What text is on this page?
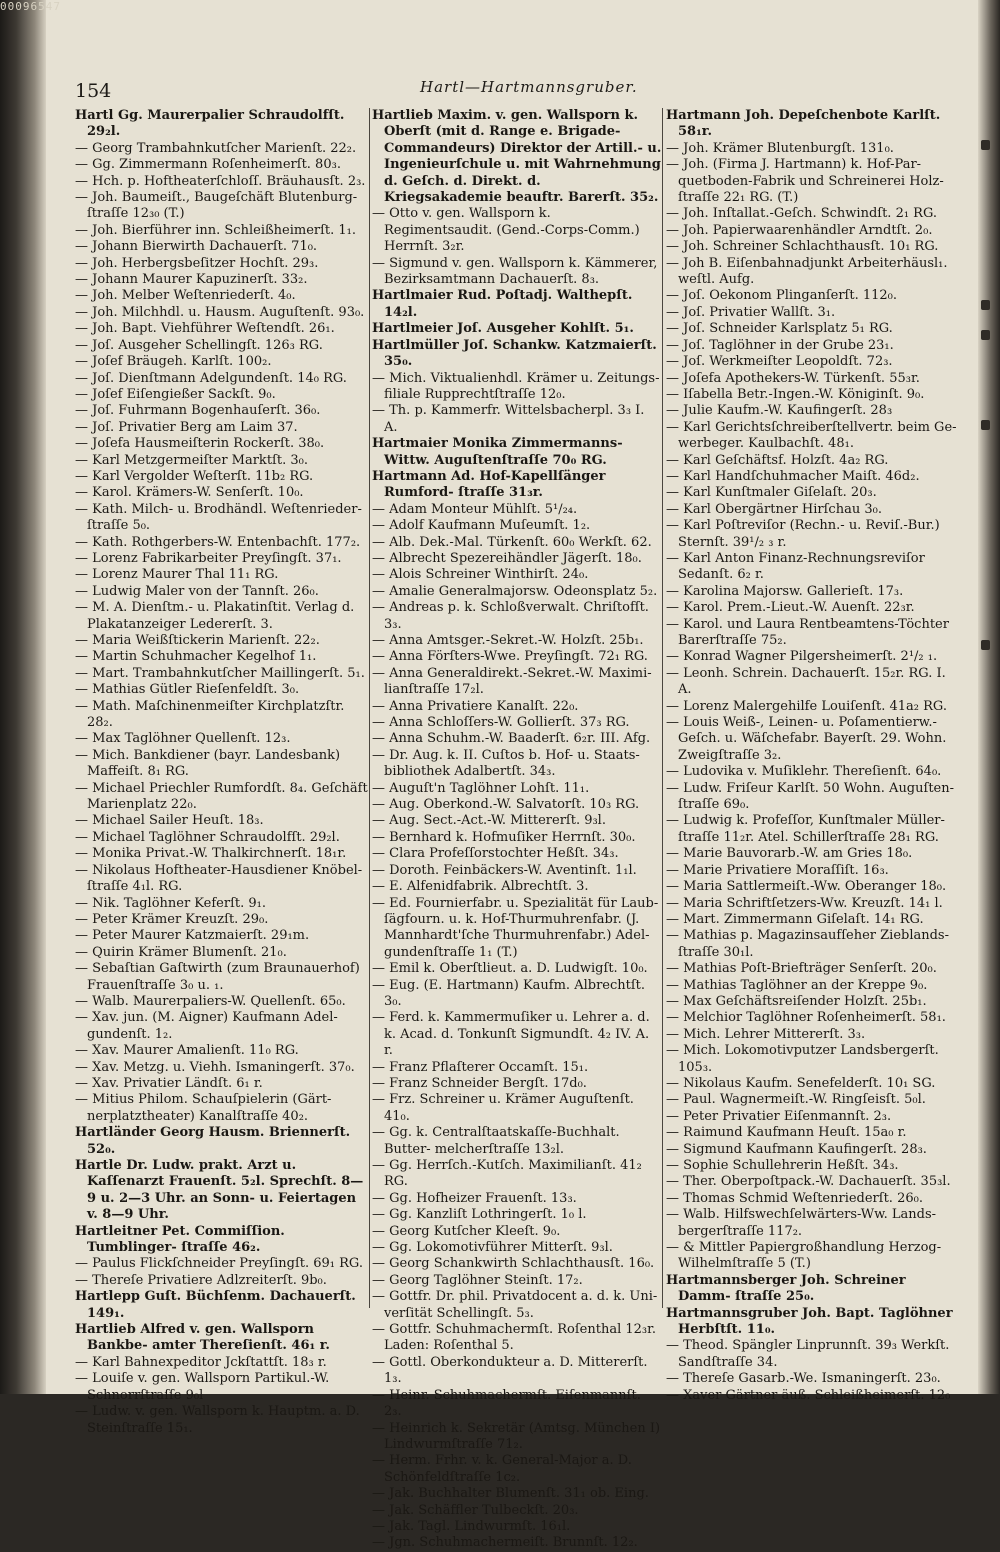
00096547
154	Hartl—Hartmannsgruber.

Hartl Gg. Maurerpalier Schraudolfſt. 29₂l.

— Georg Trambahnkutſcher Marienſt. 22₂.

— Gg. Zimmermann Roſenheimerſt. 80₃.

— Hch. p. Hoftheaterſchloſſ. Bräuhausſt. 2₃.

— Joh. Baumeiſt., Baugeſchäft Blutenburg- ſtraſſe 12₃₀ (T.)

— Joh. Bierführer inn. Schleißheimerſt. 1₁.

— Johann Bierwirth Dachauerſt. 71₀.

— Joh. Herbergsbeſitzer Hochſt. 29₃.

— Johann Maurer Kapuzinerſt. 33₂.

— Joh. Melber Weſtenriederſt. 4₀.

— Joh. Milchhdl. u. Hausm. Auguſtenſt. 93₀.

— Joh. Bapt. Viehführer Weſtendſt. 26₁.

— Joſ. Ausgeher Schellingſt. 126₃ RG.

— Joſef Bräugeh. Karlſt. 100₂.

— Joſ. Dienſtmann Adelgundenſt. 14₀ RG.

— Joſef Eiſengießer Sackſt. 9₀.

— Joſ. Fuhrmann Bogenhauſerſt. 36₀.

— Joſ. Privatier Berg am Laim 37.

— Joſefa Hausmeiſterin Rockerſt. 38₀.

— Karl Metzgermeiſter Marktſt. 3₀.

— Karl Vergolder Weſterſt. 11b₂ RG.

— Karol. Krämers-W. Senſerſt. 10₀.

— Kath. Milch- u. Brodhändl. Weſtenrieder- ſtraſſe 5₀.

— Kath. Rothgerbers-W. Entenbachſt. 177₂.

— Lorenz Fabrikarbeiter Preyſingſt. 37₁.

— Lorenz Maurer Thal 11₁ RG.

— Ludwig Maler von der Tannſt. 26₀.

— M. A. Dienſtm.- u. Plakatinſtit. Verlag d. Plakatanzeiger Ledererſt. 3.

— Maria Weißſtickerin Marienſt. 22₂.

— Martin Schuhmacher Kegelhof 1₁.

— Mart. Trambahnkutſcher Maillingerſt. 5₁.

— Mathias Gütler Rieſenfeldſt. 3₀.

— Math. Maſchinenmeiſter Kirchplatzſtr. 28₂.

— Max Taglöhner Quellenſt. 12₃.

— Mich. Bankdiener (bayr. Landesbank) Maffeiſt. 8₁ RG.

— Michael Priechler Rumfordſt. 8₄. Geſchäft Marienplatz 22₀.

— Michael Sailer Heuſt. 18₃.

— Michael Taglöhner Schraudolfſt. 29₂l.

— Monika Privat.-W. Thalkirchnerſt. 18₁r.

— Nikolaus Hoftheater-Hausdiener Knöbel- ſtraſſe 4₁l. RG.

— Nik. Taglöhner Keferſt. 9₁.

— Peter Krämer Kreuzſt. 29₀.

— Peter Maurer Katzmaierſt. 29₁m.

— Quirin Krämer Blumenſt. 21₀.

— Sebaſtian Gaſtwirth (zum Braunauerhof) Frauenſtraſſe 3₀ u. ₁.

— Walb. Maurerpaliers-W. Quellenſt. 65₀.

— Xav. jun. (M. Aigner) Kaufmann Adel- gundenſt. 1₂.

— Xav. Maurer Amalienſt. 11₀ RG.

— Xav. Metzg. u. Viehh. Ismaningerſt. 37₀.

— Xav. Privatier Ländſt. 6₁ r.

— Mitius Philom. Schauſpielerin (Gärt- nerplatztheater) Kanalſtraſſe 40₂.

Hartländer Georg Hausm. Briennerſt. 52₀.

Hartle Dr. Ludw. prakt. Arzt u. Kaſſenarzt Frauenſt. 5₂l. Sprechſt. 8—9 u. 2—3 Uhr. an Sonn- u. Feiertagen v. 8—9 Uhr.

Hartleitner Pet. Commiſſion. Tumblinger- ſtraſſe 46₂.

— Paulus Flickſchneider Preyſingſt. 69₁ RG.

— Thereſe Privatiere Adlzreiterſt. 9b₀.

Hartlepp Guſt. Büchſenm. Dachauerſt. 149₁.

Hartlieb Alfred v. gen. Wallsporn Bankbe- amter Thereſienſt. 46₁ r.

— Karl Bahnexpeditor Jckſtattſt. 18₃ r.

— Louiſe v. gen. Wallsporn Partikul.-W. Schnorrſtraſſe 9₀l

— Ludw. v. gen. Wallsporn k. Hauptm. a. D. Steinſtraſſe 15₁.

Hartlieb Maxim. v. gen. Wallsporn k. Oberſt (mit d. Range e. Brigade-Commandeurs) Direktor der Artill.- u. Ingenieurſchule u. mit Wahrnehmung d. Geſch. d. Direkt. d. Kriegsakademie beauftr. Barerſt. 35₂.

— Otto v. gen. Wallsporn k. Regimentsaudit. (Gend.-Corps-Comm.) Herrnſt. 3₂r.

— Sigmund v. gen. Wallsporn k. Kämmerer, Bezirksamtmann Dachauerſt. 8₃.

Hartlmaier Rud. Poſtadj. Walthерſt. 14₂l.

Hartlmeier Joſ. Ausgeher Kohlſt. 5₁.

Hartlmüller Joſ. Schankw. Katzmaierſt. 35₀.

— Mich. Viktualienhdl. Krämer u. Zeitungs- filiale Rupprechtſtraſſe 12₀.

— Th. p. Kammerfr. Wittelsbacherpl. 3₃ I. A.

Hartmaier Monika Zimmermanns-Wittw. Auguſtenſtraſſe 70₀ RG.

Hartmann Ad. Hof-Kapellſänger Rumford- ſtraſſe 31₃r.

— Adam Monteur Mühlſt. 5¹/₂₄.

— Adolf Kaufmann Muſeumſt. 1₂.

— Alb. Dek.-Mal. Türkenſt. 60₀ Werkſt. 62.

— Albrecht Spezereihändler Jägerſt. 18₀.

— Alois Schreiner Winthirſt. 24₀.

— Amalie Generalmajorsw. Odeonsplatz 5₂.

— Andreas p. k. Schloßverwalt. Chriſtofſt. 3₃.

— Anna Amtsger.-Sekret.-W. Holzſt. 25b₁.

— Anna Förſters-Wwe. Preyſingſt. 72₁ RG.

— Anna Generaldirekt.-Sekret.-W. Maximi- lianſtraſſe 17₂l.

— Anna Privatiere Kanalſt. 22₀.

— Anna Schloſſers-W. Gollierſt. 37₃ RG.

— Anna Schuhm.-W. Baaderſt. 6₂r. III. Afg.

— Dr. Aug. k. II. Cuſtos b. Hof- u. Staats- bibliothek Adalbertſt. 34₃.

— Auguſt'n Taglöhner Lohſt. 11₁.

— Aug. Oberkond.-W. Salvatorſt. 10₃ RG.

— Aug. Sect.-Act.-W. Mittererſt. 9₃l.

— Bernhard k. Hofmuſiker Herrnſt. 30₀.

— Clara Profeſſorstochter Heßſt. 34₃.

— Doroth. Feinbäckers-W. Aventinſt. 1₁l.

— E. Alfenidfabrik. Albrechtſt. 3.

— Ed. Fournierfabr. u. Spezialität für Laub- ſägfourn. u. k. Hof-Thurmuhrenfabr. (J. Mannhardt'ſche Thurmuhrenfabr.) Adel- gundenſtraſſe 1₁ (T.)

— Emil k. Oberſtlieut. a. D. Ludwigſt. 10₀.

— Eug. (E. Hartmann) Kaufm. Albrechtſt. 3₀.

— Ferd. k. Kammermuſiker u. Lehrer a. d. k. Acad. d. Tonkunſt Sigmundſt. 4₂ IV. A. r.

— Franz Pflaſterer Occamſt. 15₁.

— Franz Schneider Bergſt. 17d₀.

— Frz. Schreiner u. Krämer Auguſtenſt. 41₀.

— Gg. k. Centralſtaatskaſſe-Buchhalt. Butter- melcherſtraſſe 13₂l.

— Gg. Herrſch.-Kutſch. Maximilianſt. 41₂ RG.

— Gg. Hofheizer Frauenſt. 13₃.

— Gg. Kanzliſt Lothringerſt. 1₀ l.

— Georg Kutſcher Kleeſt. 9₀.

— Gg. Lokomotivführer Mitterſt. 9₃l.

— Georg Schankwirth Schlachthausſt. 16₀.

— Georg Taglöhner Steinſt. 17₂.

— Gottfr. Dr. phil. Privatdocent a. d. k. Uni- verſität Schellingſt. 5₃.

— Gottfr. Schuhmachermſt. Roſenthal 12₃r. Laden: Roſenthal 5.

— Gottl. Oberkondukteur a. D. Mittererſt. 1₃.

— Heinr. Schuhmachermſt. Eiſenmannſt. 2₃.

— Heinrich k. Sekretär (Amtsg. München I) Lindwurmſtraſſe 71₂.

— Herm. Frhr. v. k. General-Major a. D. Schönfeldſtraſſe 1c₂.

— Jak. Buchhalter Blumenſt. 31₁ ob. Eing.

— Jak. Schäffler Tulbeckſt. 20₃.

— Jak. Tagl. Lindwurmſt. 16₁l.

— Jgn. Schuhmachermeiſt. Brunnſt. 12₂.

Hartmann Joh. Depeſchenbote Karlſt. 58₁r.

— Joh. Krämer Blutenburgſt. 131₀.

— Joh. (Firma J. Hartmann) k. Hof-Par- quetboden-Fabrik und Schreinerei Holz- ſtraſſe 22₁ RG. (T.)

— Joh. Inſtallat.-Geſch. Schwindſt. 2₁ RG.

— Joh. Papierwaarenhändler Arndtſt. 2₀.

— Joh. Schreiner Schlachthausſt. 10₁ RG.

— Joh B. Eiſenbahnadjunkt Arbeiterhäusl₁. weſtl. Aufg.

— Joſ. Oekonom Plinganſerſt. 112₀.

— Joſ. Privatier Wallſt. 3₁.

— Joſ. Schneider Karlsplatz 5₁ RG.

— Joſ. Taglöhner in der Grube 23₁.

— Joſ. Werkmeiſter Leopoldſt. 72₃.

— Joſefa Apothekers-W. Türkenſt. 55₃r.

— Iſabella Betr.-Ingen.-W. Königinſt. 9₀.

— Julie Kaufm.-W. Kaufingerſt. 28₃

— Karl Gerichtsſchreiberſtellvertr. beim Ge- werbeger. Kaulbachſt. 48₁.

— Karl Geſchäftsf. Holzſt. 4a₂ RG.

— Karl Handſchuhmacher Maiſt. 46d₂.

— Karl Kunſtmaler Giſelaſt. 20₃.

— Karl Obergärtner Hirſchau 3₀.

— Karl Poſtreviſor (Rechn.- u. Reviſ.-Bur.) Sternſt. 39¹/₂ ₃ r.

— Karl Anton Finanz-Rechnungsreviſor Sedanſt. 6₂ r.

— Karolina Majorsw. Gallerieſt. 17₃.

— Karol. Prem.-Lieut.-W. Auenſt. 22₃r.

— Karol. und Laura Rentbeamtens-Töchter Barerſtraſſe 75₂.

— Konrad Wagner Pilgersheimerſt. 2¹/₂ ₁.

— Leonh. Schrein. Dachauerſt. 15₂r. RG. I. A.

— Lorenz Malergehilfe Louiſenſt. 41a₂ RG.

— Louis Weiß-, Leinen- u. Poſamentierw.- Geſch. u. Wäſchefabr. Bayerſt. 29. Wohn. Zweigſtraſſe 3₂.

— Ludovika v. Muſiklehr. Thereſienſt. 64₀.

— Ludw. Friſeur Karlſt. 50 Wohn. Auguſten- ſtraſſe 69₀.

— Ludwig k. Profeſſor, Kunſtmaler Müller- ſtraſſe 11₂r. Atel. Schillerſtraſſe 28₁ RG.

— Marie Bauvorarb.-W. am Gries 18₀.

— Marie Privatiere Moraſſiſt. 16₃.

— Maria Sattlermeiſt.-Ww. Oberanger 18₀.

— Maria Schriftſetzers-Ww. Kreuzſt. 14₁ l.

— Mart. Zimmermann Giſelaſt. 14₁ RG.

— Mathias p. Magazinsaufſeher Zieblands- ſtraſſe 30₁l.

— Mathias Poſt-Briefträger Senſerſt. 20₀.

— Mathias Taglöhner an der Kreppe 9₀.

— Max Geſchäftsreiſender Holzſt. 25b₁.

— Melchior Taglöhner Roſenheimerſt. 58₁.

— Mich. Lehrer Mittererſt. 3₃.

— Mich. Lokomotivputzer Landsbergerſt. 105₃.

— Nikolaus Kaufm. Senefelderſt. 10₁ SG.

— Paul. Wagnermeiſt.-W. Ringſeisſt. 5₀l.

— Peter Privatier Eiſenmannſt. 2₃.

— Raimund Kaufmann Heuſt. 15a₀ r.

— Sigmund Kaufmann Kaufingerſt. 28₃.

— Sophie Schullehrerin Heßſt. 34₃.

— Ther. Oberpoſtpack.-W. Dachauerſt. 35₃l.

— Thomas Schmid Weſtenriederſt. 26₀.

— Walb. Hilfswechſelwärters-Ww. Lands- bergerſtraſſe 117₂.

— & Mittler Papiergroßhandlung Herzog- Wilhelmſtraſſe 5 (T.)

Hartmannsberger Joh. Schreiner Damm- ſtraſſe 25₀.

Hartmannsgruber Joh. Bapt. Taglöhner Herbſtſt. 11₀.

— Theod. Spängler Linprunnſt. 39₃ Werkſt. Sandſtraſſe 34.

— Thereſe Gasarb.-We. Ismaningerſt. 23₀.

— Xaver Gärtner äuß. Schleißheimerſt. 12₀
